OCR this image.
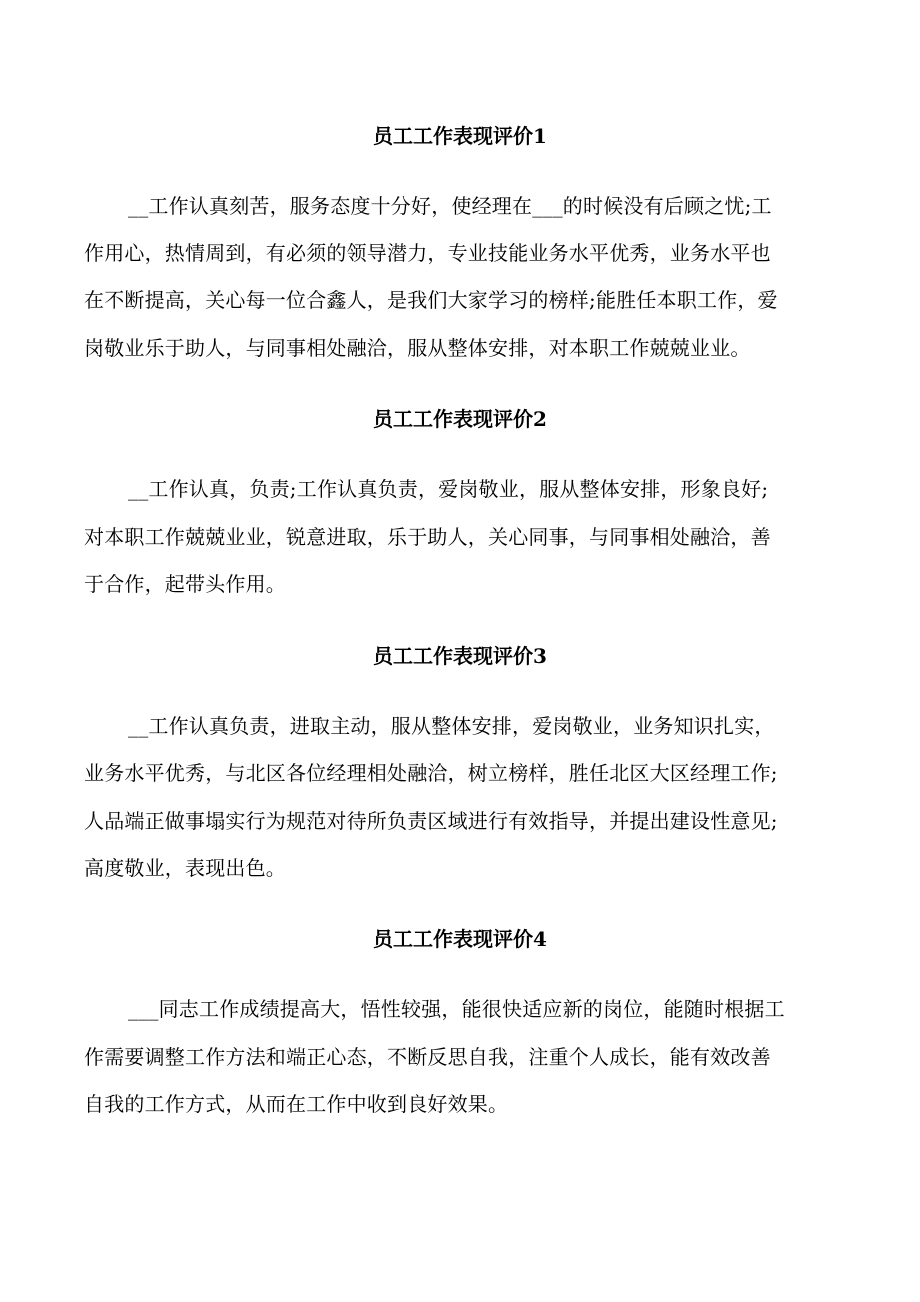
员工工作表现评价1

__工作认真刻苦，服务态度十分好，使经理在___的时候没有后顾之忧;工

作用心，热情周到，有必须的领导潜力，专业技能业务水平优秀，业务水平也

在不断提高，关心每一位合鑫人，是我们大家学习的榜样;能胜任本职工作，爱

岗敬业乐于助人，与同事相处融洽，服从整体安排，对本职工作兢兢业业。

员工工作表现评价2

__工作认真，负责;工作认真负责，爱岗敬业，服从整体安排，形象良好;

对本职工作兢兢业业，锐意进取，乐于助人，关心同事，与同事相处融洽，善

于合作，起带头作用。

员工工作表现评价3

__工作认真负责，进取主动，服从整体安排，爱岗敬业，业务知识扎实，

业务水平优秀，与北区各位经理相处融洽，树立榜样，胜任北区大区经理工作;

人品端正做事塌实行为规范对待所负责区域进行有效指导，并提出建设性意见;

高度敬业，表现出色。

员工工作表现评价4

___同志工作成绩提高大，悟性较强，能很快适应新的岗位，能随时根据工

作需要调整工作方法和端正心态，不断反思自我，注重个人成长，能有效改善

自我的工作方式，从而在工作中收到良好效果。
